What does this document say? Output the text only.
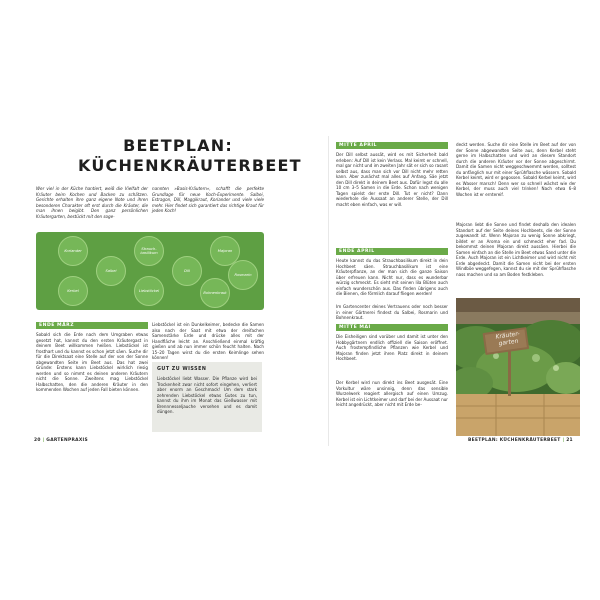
BEETPLAN:
KÜCHENKRÄUTERBEET

Wer viel in der Küche hantiert, weiß die Vielfalt der Kräuter beim Kochen und Backen zu schätzen. Gerichte erhalten ihre ganz eigene Note und ihren besonderen Charakter oft erst durch die Kräuter, die man ihnen beigibt. Den ganz persönlichen Kräutergarten, bestückt mit den soge-

nannten »Basis-Kräutern«, schafft die perfekte Grundlage für neue Koch-Experimente. Salbei, Estragon, Dill, Maggikraut, Koriander und viele viele mehr. Hier findet sich garantiert das richtige Kraut für jeden Koch!

Koriander
Strauch-basilikum
Majoran
Salbei	Dill
Rosmarin
Kerbel	Liebstöckel	Bohnenkraut
ENDE MÄRZ

Sobald sich die Erde nach dem Umgraben etwas gesetzt hat, kannst du den ersten Kräutergast in deinem Beet willkommen heißen. Liebstöckel ist frosthart und du kannst es schon jetzt säen. Suche dir für die Direktsaat eine Stelle auf der von der Sonne abgewandten Seite im Beet aus. Das hat zwei Gründe: Erstens kann Liebstöckel wirklich riesig werden und so nimmt es deinen anderen Kräutern nicht die Sonne. Zweitens mag Liebstöckel Halbschatten, den die anderen Kräuter in den kommenden Wochen auf jeden Fall bieten können.

Liebstöckel ist ein Dunkelkeimer, bedecke die Samen also nach der Saat mit etwa der dreifachen Samenstärke Erde und drücke alles mit der Handfläche leicht an. Anschließend einmal kräftig gießen und ab nun immer schön feucht halten. Nach 15–20 Tagen wirst du die ersten Keimlinge sehen können!

GUT ZU WISSEN

Liebstöckel liebt Wasser. Die Pflanze wird bei Trockenheit zwar nicht sofort eingehen, verliert aber enorm an Geschmack! Um dem stark zehrenden Liebstöckel etwas Gutes zu tun, kannst du ihm im Monat das Gießwasser mit Brennnesseljauche versehen und es damit düngen.

20 | GARTENPRAXIS
MITTE APRIL

Der Dill selbst aussät, wird es mit Sicherheit bald erleben: Auf Dill ist kein Verlass. Mal keimt er schnell, mal gar nicht und im zweiten Jahr sät er sich so rasant selbst aus, dass man sich vor Dill nicht mehr retten kann. Aber zunächst mal alles auf Anfang. Säe jetzt den Dill direkt in deinem Beet aus. Dafür legst du alle 10 cm 3–5 Samen in die Erde. Schon nach wenigen Tagen spielst der erste Dill. Tut er nicht? Dann wiederhole die Aussaat an anderer Stelle, der Dill macht eben einfach, was er will.

ENDE APRIL

Heute kannst du das Strauchbasilikum direkt in dein Hochbeet säen. Strauchbasilikum ist eine Kräuterpflanze, an der man sich die ganze Saison über erfreuen kann. Nicht nur, dass es wunderbar würzig schmeckt. Es sieht mit seinen lila Blüten auch einfach wunderschön aus. Das finden übrigens auch die Bienen, die förmlich darauf fliegen werden!

Im Gartencenter deines Vertrauens oder noch besser in einer Gärtnerei findest du Salbei, Rosmarin und Bohnenkraut.

MITTE MAI

Die Eisheiligen sind vorüber und damit ist unter den Hobbygärtnern endlich offiziell die Saison eröffnet. Auch frostempfindliche Pflanzen wie Kerbel und Majoran finden jetzt ihren Platz direkt in deinem Hochbeet.

Der Kerbel wird nun direkt ins Beet ausgesät. Eine Vorkultur wäre unsinnig, denn das sensible Wurzelwerk reagiert allergisch auf einen Umzug. Kerbel ist ein Lichtkeimer und darf bei der Aussaat nur leicht angedrückt, aber nicht mit Erde be-

deckt werden. Suche dir eine Stelle im Beet auf der von der Sonne abgewandten Seite aus, denn Kerbel steht gerne im Halbschatten und wird an diesem Standort durch die anderen Kräuter vor der Sonne abgeschirmt. Damit die Samen nicht weggeschwemmt werden, solltest du anfänglich nur mit einer Sprühflasche wässern. Sobald Kerbel keimt, wird er gegossen. Sobald Kerbel keimt, wird es Wasser marsch! Denn wer so schnell wächst wie der Kerbel, der muss auch viel trinken! Nach etwa 6–8 Wochen ist er erntereif.

Majoran liebt die Sonne und findet deshalb den idealen Standort auf der Seite deines Hochbeets, die der Sonne zugewandt ist. Wenn Majoran zu wenig Sonne abkriegt, bildet er an Aroma ein und schmeckt eher fad. Du bekommst deinen Majoran direkt aussäen. Hierbei die Samen einfach an die Stelle im Beet etwas Sand unter die Erde. Auch Majoran ist ein Lichtkeimer und wird nicht mit Erde abgedeckt. Damit die Samen nicht bei der ersten Windböe weggefegen, kannst du sie mit der Sprühflasche nass machen und so am Boden festkleben.

BEETPLAN: KÜCHENKRÄUTERBEET | 21
Kräuter-garten
